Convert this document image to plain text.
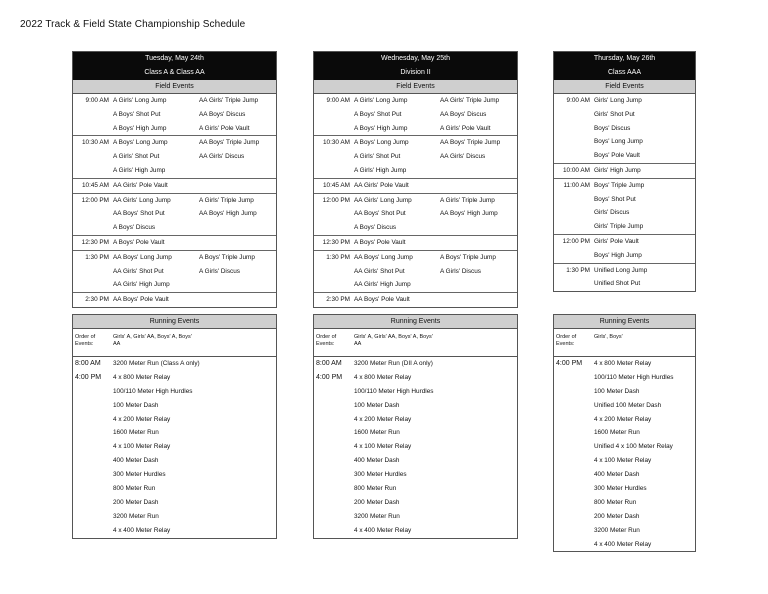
2022 Track & Field State Championship Schedule
Tuesday, May 24th
Class A & Class AA
Field Events
9:00 AM A Girls' Long Jump	AA Girls' Triple Jump
A Boys' Shot Put	AA Boys' Discus
A Boys' High Jump	A Girls' Pole Vault
10:30 AM A Boys' Long Jump	AA Boys' Triple Jump
A Girls' Shot Put	AA Girls' Discus
A Girls' High Jump
10:45 AM AA Girls' Pole Vault
12:00 PM AA Girls' Long Jump	A Girls' Triple Jump
AA Boys' Shot Put	AA Boys' High Jump
A Boys' Discus
12:30 PM A Boys' Pole Vault
1:30 PM AA Boys' Long Jump	A Boys' Triple Jump
AA Girls' Shot Put	A Girls' Discus
AA Girls' High Jump
2:30 PM AA Boys' Pole Vault
Wednesday, May 25th
Division II
Field Events
9:00 AM A Girls' Long Jump	AA Girls' Triple Jump
A Boys' Shot Put	AA Boys' Discus
A Boys' High Jump	A Girls' Pole Vault
10:30 AM A Boys' Long Jump	AA Boys' Triple Jump
A Girls' Shot Put	AA Girls' Discus
A Girls' High Jump
10:45 AM AA Girls' Pole Vault
12:00 PM AA Girls' Long Jump	A Girls' Triple Jump
AA Boys' Shot Put	AA Boys' High Jump
A Boys' Discus
12:30 PM A Boys' Pole Vault
1:30 PM AA Boys' Long Jump	A Boys' Triple Jump
AA Girls' Shot Put	A Girls' Discus
AA Girls' High Jump
2:30 PM AA Boys' Pole Vault
Thursday, May 26th
Class AAA
Field Events
9:00 AM Girls' Long Jump
Girls' Shot Put
Boys' Discus
Boys' Long Jump
Boys' Pole Vault
10:00 AM Girls' High Jump
11:00 AM Boys' Triple Jump
Boys' Shot Put
Girls' Discus
Girls' Triple Jump
12:00 PM Girls' Pole Vault
Boys' High Jump
1:30 PM Unified Long Jump
Unified Shot Put
Running Events
Order of Events:
Girls' A, Girls' AA, Boys' A, Boys' AA
8:00 AM 3200 Meter Run (Class A only)
4:00 PM 4 x 800 Meter Relay
100/110 Meter High Hurdles
100 Meter Dash
4 x 200 Meter Relay
1600 Meter Run
4 x 100 Meter Relay
400 Meter Dash
300 Meter Hurdles
800 Meter Run
200 Meter Dash
3200 Meter Run
4 x 400 Meter Relay
Running Events
Order of Events:
Girls' A, Girls' AA, Boys' A, Boys' AA
8:00 AM 3200 Meter Run (DII A only)
4:00 PM 4 x 800 Meter Relay
100/110 Meter High Hurdles
100 Meter Dash
4 x 200 Meter Relay
1600 Meter Run
4 x 100 Meter Relay
400 Meter Dash
300 Meter Hurdles
800 Meter Run
200 Meter Dash
3200 Meter Run
4 x 400 Meter Relay
Running Events
Order of Events:
Girls', Boys'
4:00 PM 4 x 800 Meter Relay
100/110 Meter High Hurdles
100 Meter Dash
Unified 100 Meter Dash
4 x 200 Meter Relay
1600 Meter Run
Unified 4 x 100 Meter Relay
4 x 100 Meter Relay
400 Meter Dash
300 Meter Hurdles
800 Meter Run
200 Meter Dash
3200 Meter Run
4 x 400 Meter Relay
